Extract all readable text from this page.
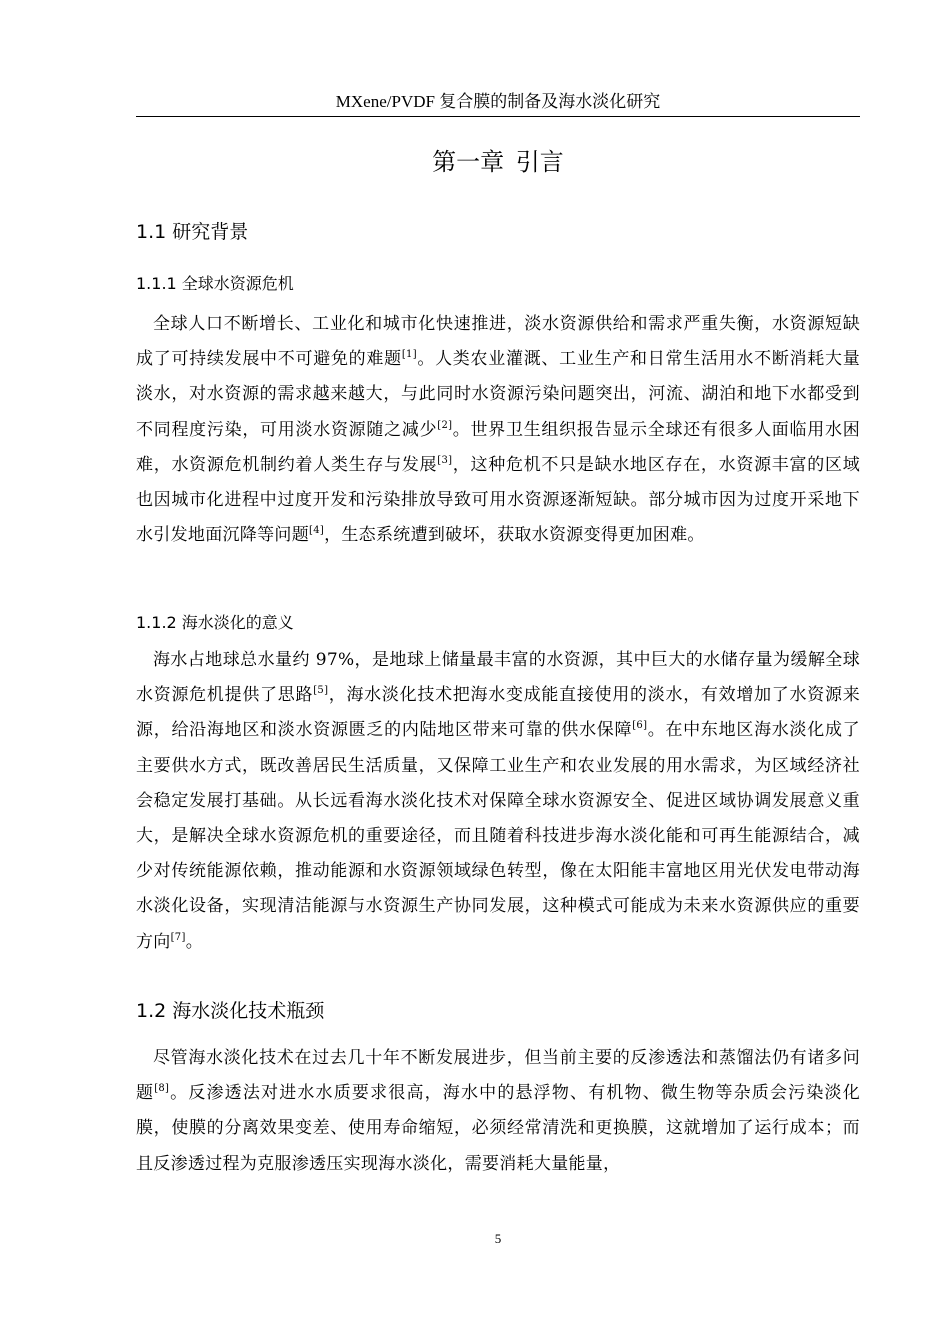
MXene/PVDF 复合膜的制备及海水淡化研究
第一章 引言
1.1 研究背景
1.1.1 全球水资源危机
全球人口不断增长、工业化和城市化快速推进，淡水资源供给和需求严重失衡，水资源短缺成了可持续发展中不可避免的难题[1]。人类农业灌溉、工业生产和日常生活用水不断消耗大量淡水，对水资源的需求越来越大，与此同时水资源污染问题突出，河流、湖泊和地下水都受到不同程度污染，可用淡水资源随之减少[2]。世界卫生组织报告显示全球还有很多人面临用水困难，水资源危机制约着人类生存与发展[3]，这种危机不只是缺水地区存在，水资源丰富的区域也因城市化进程中过度开发和污染排放导致可用水资源逐渐短缺。部分城市因为过度开采地下水引发地面沉降等问题[4]，生态系统遭到破坏，获取水资源变得更加困难。
1.1.2 海水淡化的意义
海水占地球总水量约 97%，是地球上储量最丰富的水资源，其中巨大的水储存量为缓解全球水资源危机提供了思路[5]，海水淡化技术把海水变成能直接使用的淡水，有效增加了水资源来源，给沿海地区和淡水资源匮乏的内陆地区带来可靠的供水保障[6]。在中东地区海水淡化成了主要供水方式，既改善居民生活质量，又保障工业生产和农业发展的用水需求，为区域经济社会稳定发展打基础。从长远看海水淡化技术对保障全球水资源安全、促进区域协调发展意义重大，是解决全球水资源危机的重要途径，而且随着科技进步海水淡化能和可再生能源结合，减少对传统能源依赖，推动能源和水资源领域绿色转型，像在太阳能丰富地区用光伏发电带动海水淡化设备，实现清洁能源与水资源生产协同发展，这种模式可能成为未来水资源供应的重要方向[7]。
1.2 海水淡化技术瓶颈
尽管海水淡化技术在过去几十年不断发展进步，但当前主要的反渗透法和蒸馏法仍有诸多问题[8]。反渗透法对进水水质要求很高，海水中的悬浮物、有机物、微生物等杂质会污染淡化膜，使膜的分离效果变差、使用寿命缩短，必须经常清洗和更换膜，这就增加了运行成本；而且反渗透过程为克服渗透压实现海水淡化，需要消耗大量能量，
5
